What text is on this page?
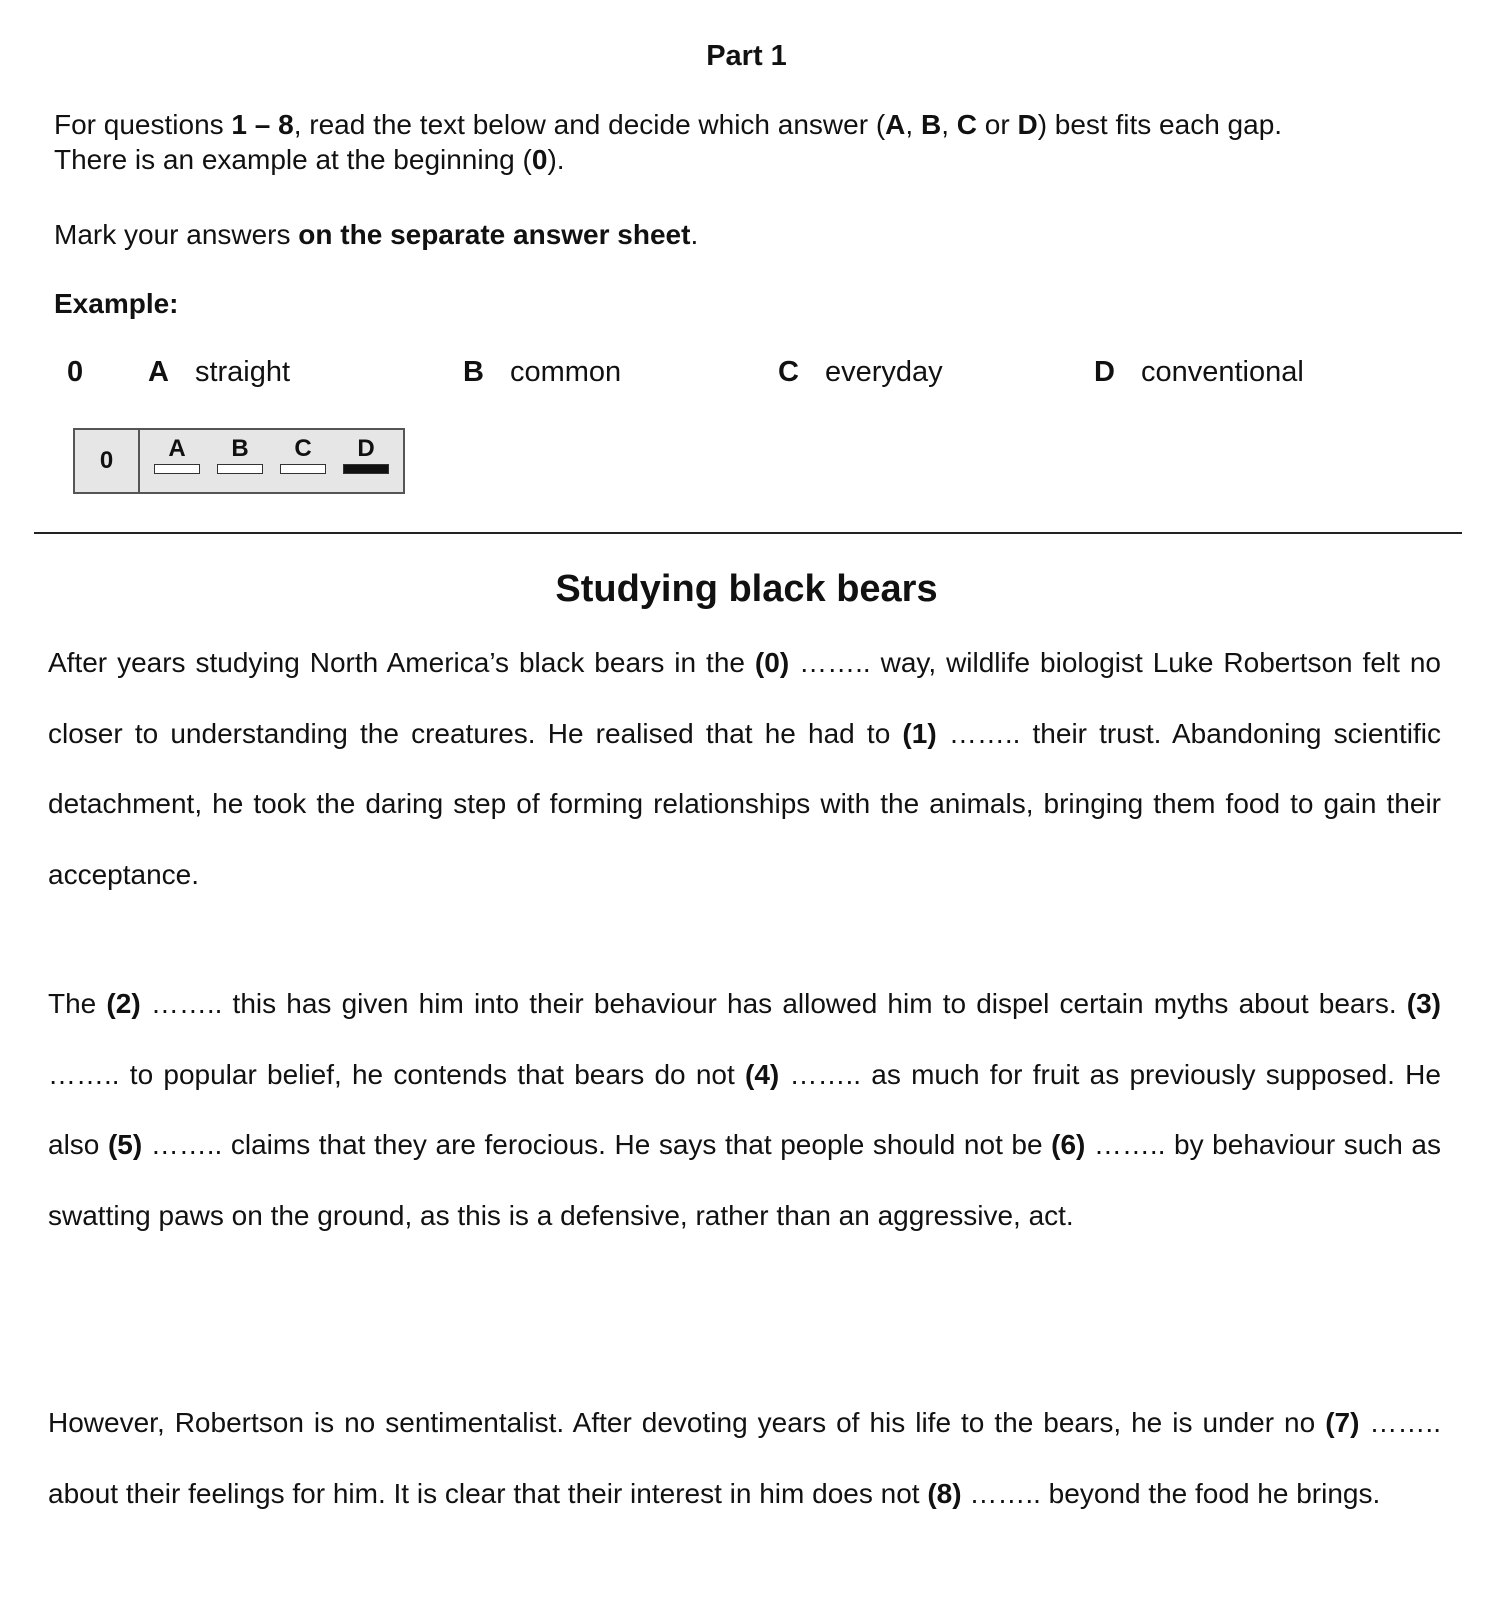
Part 1
For questions 1 – 8, read the text below and decide which answer (A, B, C or D) best fits each gap.
There is an example at the beginning (0).
Mark your answers on the separate answer sheet.
Example:
0 A straight	B common	C everyday	D conventional
0	A	B	C	D
Studying black bears
After years studying North America’s black bears in the (0) …….. way, wildlife biologist Luke Robertson felt no closer to understanding the creatures. He realised that he had to (1) …….. their trust. Abandoning scientific detachment, he took the daring step of forming relationships with the animals, bringing them food to gain their acceptance.
The (2) …….. this has given him into their behaviour has allowed him to dispel certain myths about bears. (3) …….. to popular belief, he contends that bears do not (4) …….. as much for fruit as previously supposed. He also (5) …….. claims that they are ferocious. He says that people should not be (6) …….. by behaviour such as swatting paws on the ground, as this is a defensive, rather than an aggressive, act.
However, Robertson is no sentimentalist. After devoting years of his life to the bears, he is under no (7) …….. about their feelings for him. It is clear that their interest in him does not (8) …….. beyond the food he brings.
